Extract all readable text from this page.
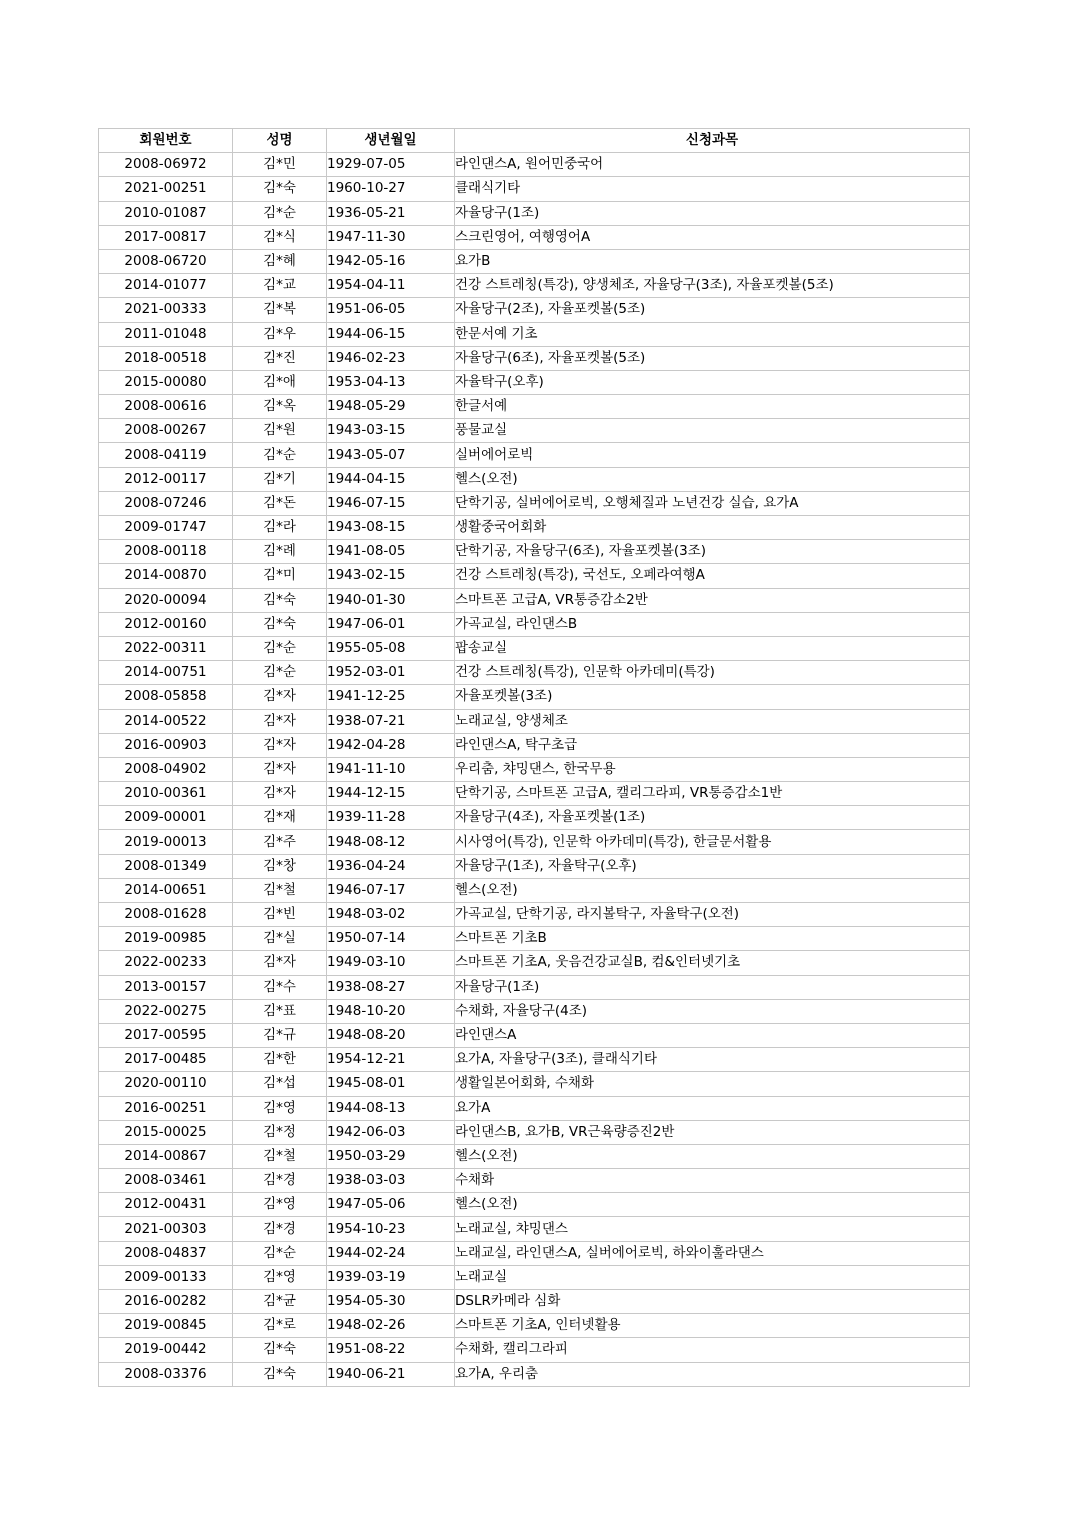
회원번호	성명	생년월일	신청과목
2008-06972	김*민	1929-07-05	라인댄스A, 원어민중국어
2021-00251	김*숙	1960-10-27	클래식기타
2010-01087	김*순	1936-05-21	자율당구(1조)
2017-00817	김*식	1947-11-30	스크린영어, 여행영어A
2008-06720	김*혜	1942-05-16	요가B
2014-01077	김*교	1954-04-11	건강 스트레칭(특강), 양생체조, 자율당구(3조), 자율포켓볼(5조)
2021-00333	김*복	1951-06-05	자율당구(2조), 자율포켓볼(5조)
2011-01048	김*우	1944-06-15	한문서예 기초
2018-00518	김*진	1946-02-23	자율당구(6조), 자율포켓볼(5조)
2015-00080	김*애	1953-04-13	자율탁구(오후)
2008-00616	김*옥	1948-05-29	한글서예
2008-00267	김*원	1943-03-15	풍물교실
2008-04119	김*순	1943-05-07	실버에어로빅
2012-00117	김*기	1944-04-15	헬스(오전)
2008-07246	김*돈	1946-07-15	단학기공, 실버에어로빅, 오행체질과 노년건강 실습, 요가A
2009-01747	김*라	1943-08-15	생활중국어회화
2008-00118	김*례	1941-08-05	단학기공, 자율당구(6조), 자율포켓볼(3조)
2014-00870	김*미	1943-02-15	건강 스트레칭(특강), 국선도, 오페라여행A
2020-00094	김*숙	1940-01-30	스마트폰 고급A, VR통증감소2반
2012-00160	김*숙	1947-06-01	가곡교실, 라인댄스B
2022-00311	김*순	1955-05-08	팝송교실
2014-00751	김*순	1952-03-01	건강 스트레칭(특강), 인문학 아카데미(특강)
2008-05858	김*자	1941-12-25	자율포켓볼(3조)
2014-00522	김*자	1938-07-21	노래교실, 양생체조
2016-00903	김*자	1942-04-28	라인댄스A, 탁구초급
2008-04902	김*자	1941-11-10	우리춤, 챠밍댄스, 한국무용
2010-00361	김*자	1944-12-15	단학기공, 스마트폰 고급A, 캘리그라피, VR통증감소1반
2009-00001	김*재	1939-11-28	자율당구(4조), 자율포켓볼(1조)
2019-00013	김*주	1948-08-12	시사영어(특강), 인문학 아카데미(특강), 한글문서활용
2008-01349	김*창	1936-04-24	자율당구(1조), 자율탁구(오후)
2014-00651	김*철	1946-07-17	헬스(오전)
2008-01628	김*빈	1948-03-02	가곡교실, 단학기공, 라지볼탁구, 자율탁구(오전)
2019-00985	김*실	1950-07-14	스마트폰 기초B
2022-00233	김*자	1949-03-10	스마트폰 기초A, 웃음건강교실B, 컴&인터넷기초
2013-00157	김*수	1938-08-27	자율당구(1조)
2022-00275	김*표	1948-10-20	수채화, 자율당구(4조)
2017-00595	김*규	1948-08-20	라인댄스A
2017-00485	김*한	1954-12-21	요가A, 자율당구(3조), 클래식기타
2020-00110	김*섭	1945-08-01	생활일본어회화, 수채화
2016-00251	김*영	1944-08-13	요가A
2015-00025	김*정	1942-06-03	라인댄스B, 요가B, VR근육량증진2반
2014-00867	김*철	1950-03-29	헬스(오전)
2008-03461	김*경	1938-03-03	수채화
2012-00431	김*영	1947-05-06	헬스(오전)
2021-00303	김*경	1954-10-23	노래교실, 챠밍댄스
2008-04837	김*순	1944-02-24	노래교실, 라인댄스A, 실버에어로빅, 하와이훌라댄스
2009-00133	김*영	1939-03-19	노래교실
2016-00282	김*균	1954-05-30	DSLR카메라 심화
2019-00845	김*로	1948-02-26	스마트폰 기초A, 인터넷활용
2019-00442	김*숙	1951-08-22	수채화, 캘리그라피
2008-03376	김*숙	1940-06-21	요가A, 우리춤
